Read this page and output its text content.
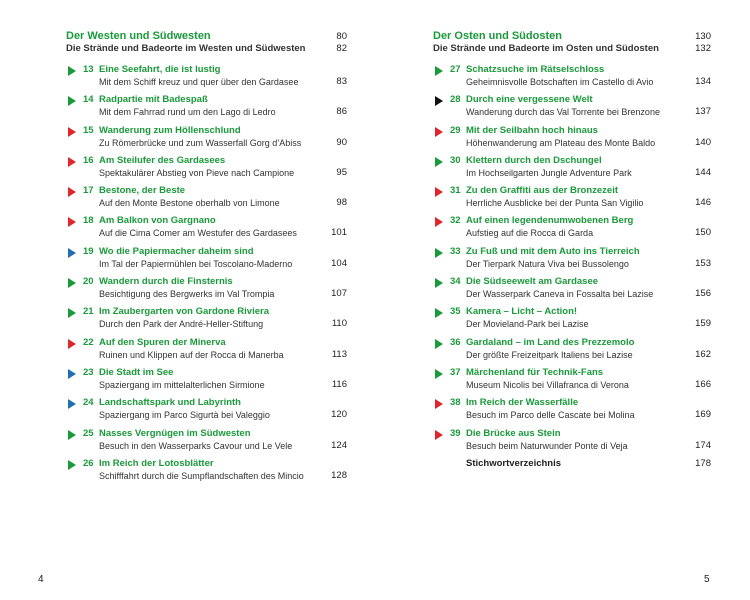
Der Westen und Südwesten	80
Die Strände und Badeorte im Westen und Südwesten	82
13 Eine Seefahrt, die ist lustig
Mit dem Schiff kreuz und quer über den Gardasee	83
14 Radpartie mit Badespaß
Mit dem Fahrrad rund um den Lago di Ledro	86
15 Wanderung zum Höllenschlund
Zu Römerbrücke und zum Wasserfall Gorg d’Abiss	90
16 Am Steilufer des Gardasees
Spektakulärer Abstieg von Pieve nach Campione	95
17 Bestone, der Beste
Auf den Monte Bestone oberhalb von Limone	98
18 Am Balkon von Gargnano
Auf die Cima Comer am Westufer des Gardasees	101
19 Wo die Papiermacher daheim sind
Im Tal der Papiermühlen bei Toscolano-Maderno	104
20 Wandern durch die Finsternis
Besichtigung des Bergwerks im Val Trompia	107
21 Im Zaubergarten von Gardone Riviera
Durch den Park der André-Heller-Stiftung	110
22 Auf den Spuren der Minerva
Ruinen und Klippen auf der Rocca di Manerba	113
23 Die Stadt im See
Spaziergang im mittelalterlichen Sirmione	116
24 Landschaftspark und Labyrinth
Spaziergang im Parco Sigurtà bei Valeggio	120
25 Nasses Vergnügen im Südwesten
Besuch in den Wasserparks Cavour und Le Vele	124
26 Im Reich der Lotosblätter
Schifffahrt durch die Sumpflandschaften des Mincio	128
Der Osten und Südosten	130
Die Strände und Badeorte im Osten und Südosten	132
27 Schatzsuche im Rätselschloss
Geheimnisvolle Botschaften im Castello di Avio	134
28 Durch eine vergessene Welt
Wanderung durch das Val Torrente bei Brenzone	137
29 Mit der Seilbahn hoch hinaus
Höhenwanderung am Plateau des Monte Baldo	140
30 Klettern durch den Dschungel
Im Hochseilgarten Jungle Adventure Park	144
31 Zu den Graffiti aus der Bronzezeit
Herrliche Ausblicke bei der Punta San Vigilio	146
32 Auf einen legendenumwobenen Berg
Aufstieg auf die Rocca di Garda	150
33 Zu Fuß und mit dem Auto ins Tierreich
Der Tierpark Natura Viva bei Bussolengo	153
34 Die Südseewelt am Gardasee
Der Wasserpark Caneva in Fossalta bei Lazise	156
35 Kamera – Licht – Action!
Der Movieland-Park bei Lazise	159
36 Gardaland – im Land des Prezzemolo
Der größte Freizeitpark Italiens bei Lazise	162
37 Märchenland für Technik-Fans
Museum Nicolis bei Villafranca di Verona	166
38 Im Reich der Wasserfälle
Besuch im Parco delle Cascate bei Molina	169
39 Die Brücke aus Stein
Besuch beim Naturwunder Ponte di Veja	174
Stichwortverzeichnis	178
4	5
